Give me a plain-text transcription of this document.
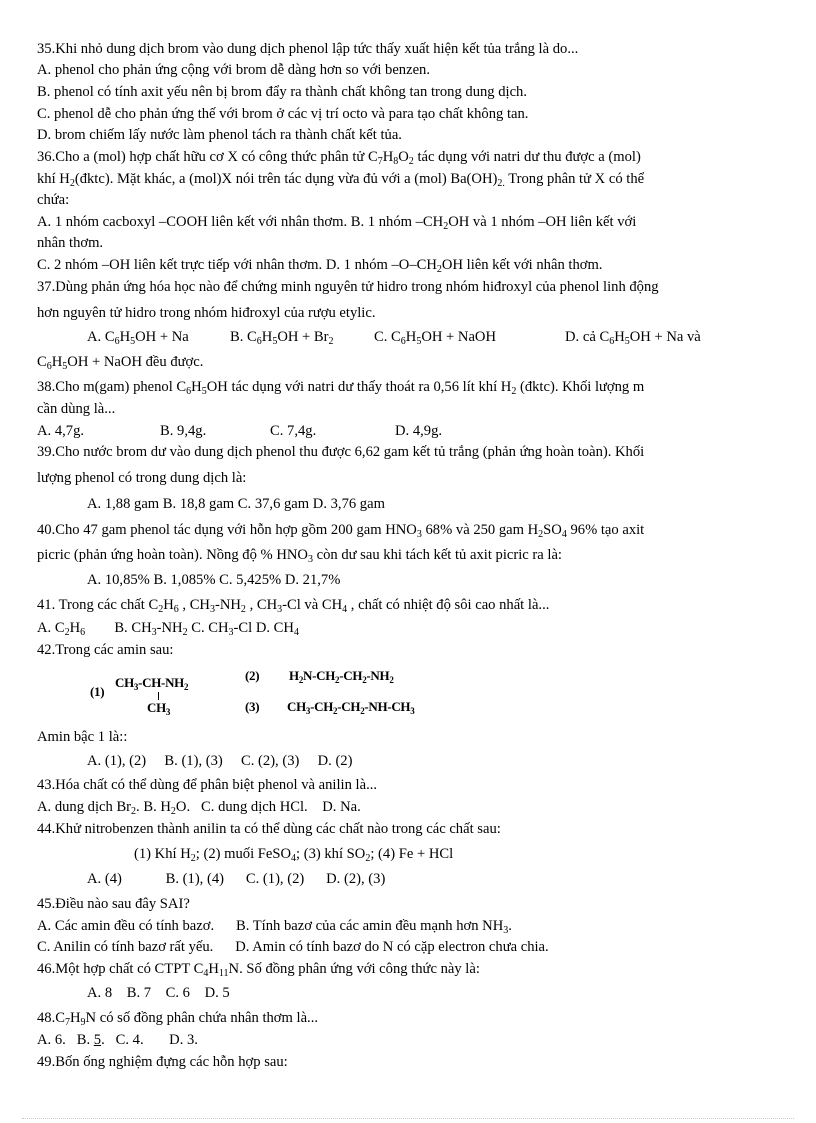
35.Khi nhỏ dung dịch brom vào dung dịch phenol lập tức thấy xuất hiện kết tủa trắng là do...
A. phenol cho phản ứng cộng với brom dễ dàng hơn so với benzen.
B. phenol có tính axit yếu nên bị brom đẩy ra thành chất không tan trong dung dịch.
C. phenol dễ cho phản ứng thế với brom ở các vị trí octo và para tạo chất không tan.
D. brom chiếm lấy nước làm phenol tách ra thành chất kết tủa.
36.Cho a (mol) hợp chất hữu cơ X có công thức phân tử $C_7H_8O_2$ tác dụng với natri dư thu được a (mol)
khí $H_2(đktc)$. Mặt khác, a (mol)X nói trên tác dụng vừa đủ với a (mol) $Ba(OH)_{2.}$ Trong phân tử X có thể
chứa:
A. 1 nhóm cacboxyl –COOH liên kết với nhân thơm. B. 1 nhóm $-CH_2OH$ và 1 nhóm –OH liên kết với
nhân thơm.
C. 2 nhóm –OH liên kết trực tiếp với nhân thơm. D. 1 nhóm $-O-CH_2OH$ liên kết với nhân thơm.
37.Dùng phản ứng hóa học nào để chứng minh nguyên tử hidro trong nhóm hiđroxyl của phenol linh động
hơn nguyên tử hidro trong nhóm hiđroxyl của rượu etylic.
A. $C_6H_5OH + Na$	B. $C_6H_5OH + Br_2$	C. $C_6H_5OH$ + NaOH	D. cả $C_6H_5OH + Na$ và
$C_6H_5OH$ + NaOH đều được.
38.Cho m(gam) phenol $C_6H_5OH$ tác dụng với natri dư thấy thoát ra 0,56 lít khí $H_2$ (đktc). Khối lượng m
cần dùng là...
A. 4,7g.	B. 9,4g.	C. 7,4g.	D. 4,9g.
39.Cho nước brom dư vào dung dịch phenol thu được 6,62 gam kết tủ trắng (phản ứng hoàn toàn). Khối
lượng phenol có trong dung dịch là:
A. 1,88 gam B. 18,8 gam C. 37,6 gam D. 3,76 gam
40.Cho 47 gam phenol tác dụng với hỗn hợp gồm 200 gam $HNO_3$ 68% và 250 gam $H_2SO_4$ 96% tạo axit
picric (phản ứng hoàn toàn). Nồng độ % $HNO_3$ còn dư sau khi tách kết tủ axit picric ra là:
A. 10,85% B. 1,085% C. 5,425% D. 21,7%
41. Trong các chất $C_2H_6$ , $CH_3-NH_2$ , $CH_3-Cl$ và $CH_4$ , chất có nhiệt độ sôi cao nhất là...
A. $C_2H_6$        B. $CH_3-NH_2$ C. $CH_3-Cl$ D. $CH_4$
42.Trong các amin sau:
(1)
$CH_3-CH-NH_2$
$CH_3$
(2) $H_2N-CH_2-CH_2-NH_2$
(3) $CH_3-CH_2-CH_2-NH-CH_3$
Amin bậc 1 là::
A. (1), (2)     B. (1), (3)     C. (2), (3)     D. (2)
43.Hóa chất có thể dùng để phân biệt phenol và anilin là...
A. dung dịch $Br_2$. B. $H_2O$.   C. dung dịch HCl.    D. Na.
44.Khử nitrobenzen thành anilin ta có thể dùng các chất nào trong các chất sau:
(1) Khí $H_2$; (2) muối FeSO$_4$; (3) khí $SO_2$; (4) Fe + HCl
A. (4)            B. (1), (4)      C. (1), (2)      D. (2), (3)
45.Điều nào sau đây SAI?
A. Các amin đều có tính bazơ.      B. Tính bazơ của các amin đều mạnh hơn $NH_3$.
C. Anilin có tính bazơ rất yếu.      D. Amin có tính bazơ do N có cặp electron chưa chia.
46.Một hợp chất có CTPT $C_4H_{11}N$. Số đồng phân ứng với công thức này là:
A. 8    B. 7    C. 6    D. 5
$48.C_7H_9N$ có số đồng phân chứa nhân thơm là...
A. 6.   B. 5.   C. 4.       D. 3.
49.Bốn ống nghiệm đựng các hỗn hợp sau:
